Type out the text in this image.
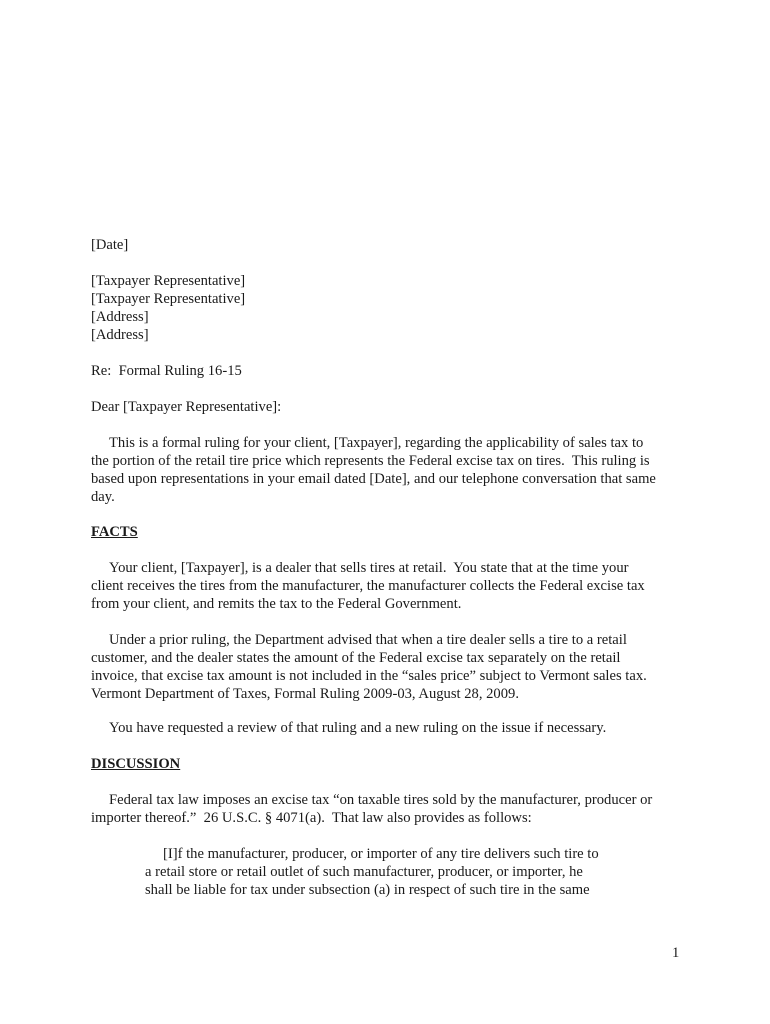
[Date]
[Taxpayer Representative]
[Taxpayer Representative]
[Address]
[Address]
Re:  Formal Ruling 16-15
Dear [Taxpayer Representative]:
This is a formal ruling for your client, [Taxpayer], regarding the applicability of sales tax to
the portion of the retail tire price which represents the Federal excise tax on tires.  This ruling is
based upon representations in your email dated [Date], and our telephone conversation that same
day.
FACTS
Your client, [Taxpayer], is a dealer that sells tires at retail.  You state that at the time your
client receives the tires from the manufacturer, the manufacturer collects the Federal excise tax
from your client, and remits the tax to the Federal Government.
Under a prior ruling, the Department advised that when a tire dealer sells a tire to a retail
customer, and the dealer states the amount of the Federal excise tax separately on the retail
invoice, that excise tax amount is not included in the “sales price” subject to Vermont sales tax.
Vermont Department of Taxes, Formal Ruling 2009-03, August 28, 2009.
You have requested a review of that ruling and a new ruling on the issue if necessary.
DISCUSSION
Federal tax law imposes an excise tax “on taxable tires sold by the manufacturer, producer or
importer thereof.”  26 U.S.C. § 4071(a).  That law also provides as follows:
[I]f the manufacturer, producer, or importer of any tire delivers such tire to
a retail store or retail outlet of such manufacturer, producer, or importer, he
shall be liable for tax under subsection (a) in respect of such tire in the same
1
